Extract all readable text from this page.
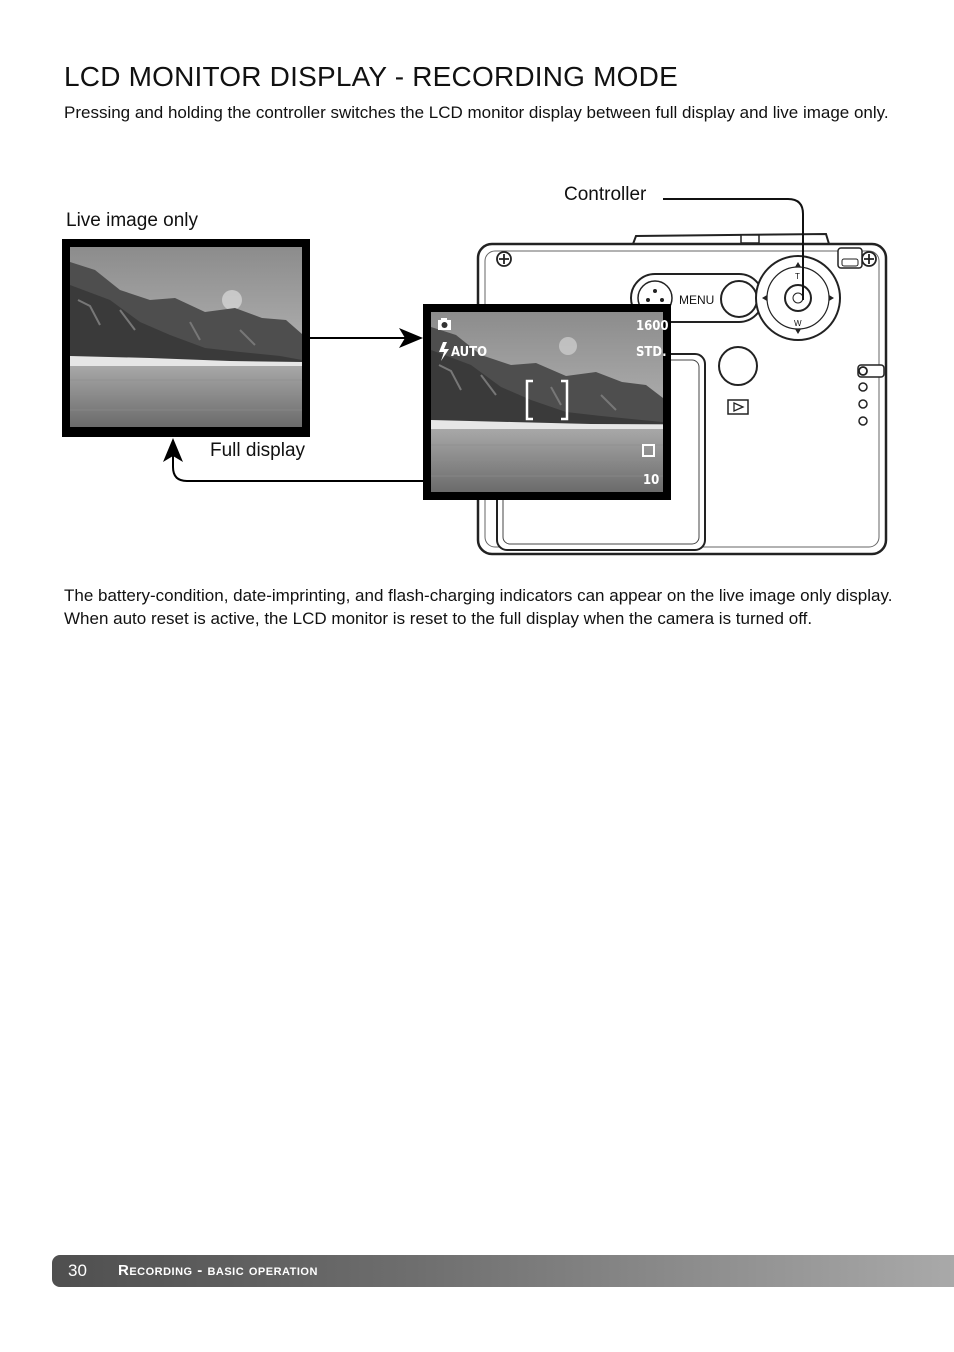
LCD MONITOR DISPLAY - RECORDING MODE

Pressing and holding the controller switches the LCD monitor display between full display and live image only.

Controller
Live image only
Full display
MENU
T
W
1600
AUTO	STD.
10

The battery-condition, date-imprinting, and flash-charging indicators can appear on the live image only display. When auto reset is active, the LCD monitor is reset to the full display when the camera is turned off.

30 Recording - basic operation
